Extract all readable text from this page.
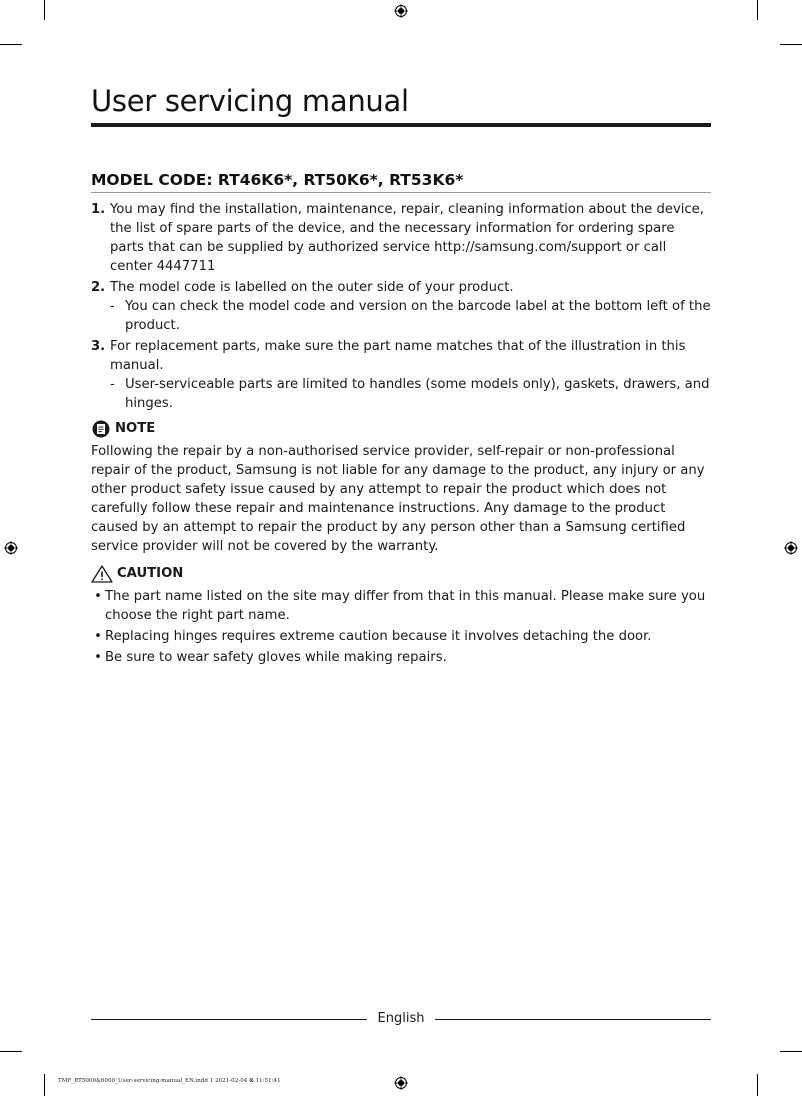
User servicing manual
MODEL CODE: RT46K6*, RT50K6*, RT53K6*
1. You may find the installation, maintenance, repair, cleaning information about the device, the list of spare parts of the device, and the necessary information for ordering spare parts that can be supplied by authorized service http://samsung.com/support or call center 4447711
2. The model code is labelled on the outer side of your product.

- You can check the model code and version on the barcode label at the bottom left of the product.
3. For replacement parts, make sure the part name matches that of the illustration in this manual.

- User-serviceable parts are limited to handles (some models only), gaskets, drawers, and hinges.
NOTE

Following the repair by a non-authorised service provider, self-repair or non-professional repair of the product, Samsung is not liable for any damage to the product, any injury or any other product safety issue caused by any attempt to repair the product which does not carefully follow these repair and maintenance instructions. Any damage to the product caused by an attempt to repair the product by any person other than a Samsung certified service provider will not be covered by the warranty.

CAUTION
• The part name listed on the site may differ from that in this manual. Please make sure you choose the right part name.
• Replacing hinges requires extreme caution because it involves detaching the door.
• Be sure to wear safety gloves while making repairs.
English
TMF_RT5000&6000_User-servicing-manual_EN.indd 1 2021-02-04 ⊠ 11:51:41
